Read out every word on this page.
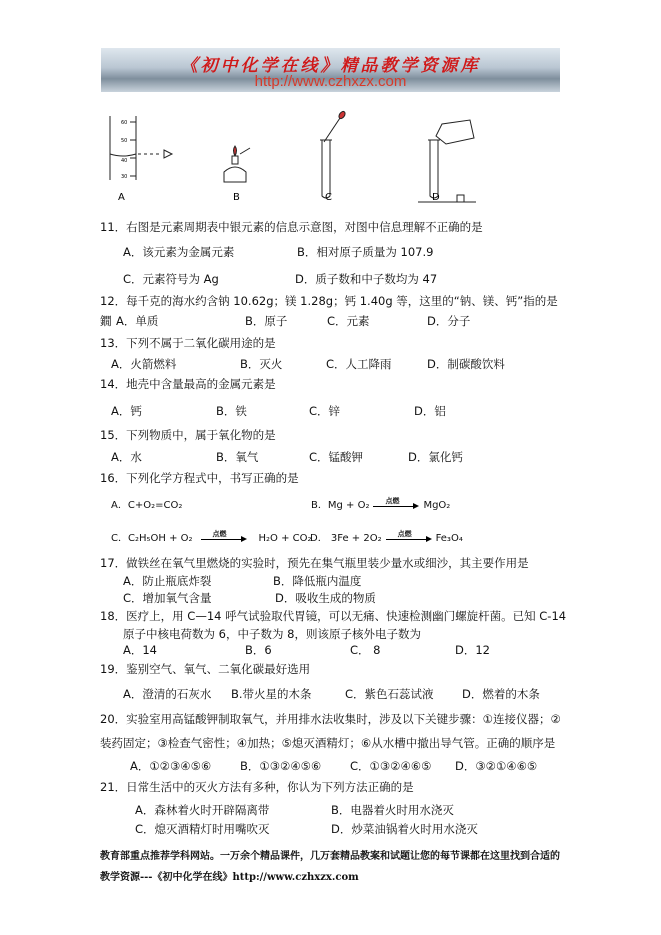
《初中化学在线》精品教学资源库
http://www.czhxzx.com
60
50
40
30
A	B	C	D
11．右图是元素周期表中银元素的信息示意图，对图中信息理解不正确的是
A．该元素为金属元素	B．相对原子质量为 107.9
C．元素符号为 Ag	D．质子数和中子数均为 47
12．每千克的海水约含钠 10.62g；镁 1.28g；钙 1.40g 等，这里的“钠、镁、钙”指的是
鐗 A．单质	B．原子	C．元素	D．分子
13．下列不属于二氧化碳用途的是
A．火箭燃料	B．灭火	C．人工降雨	D．制碳酸饮料
14．地壳中含量最高的金属元素是
A．钙	B．铁	C．锌	D．铝
15．下列物质中，属于氧化物的是
A．水	B．氧气	C．锰酸钾	D．氯化钙
16．下列化学方程式中，书写正确的是
A．C+O₂=CO₂	B．Mg + O₂ 点燃 MgO₂
C．C₂H₅OH + O₂	点燃	H₂O + CO₂
D． 3Fe + 2O₂ 点燃 Fe₃O₄
17．做铁丝在氧气里燃烧的实验时，预先在集气瓶里装少量水或细沙，其主要作用是
A．防止瓶底炸裂	B．降低瓶内温度
C．增加氧气含量	D．吸收生成的物质
18．医疗上，用 C—14 呼气试验取代胃镜，可以无痛、快速检测幽门螺旋杆菌。已知 C-14
原子中核电荷数为 6，中子数为 8，则该原子核外电子数为
A．14	B．6	C． 8	D．12
19．鉴别空气、氧气、二氧化碳最好选用
A．澄清的石灰水 B.带火星的木条	C．紫色石蕊试液 D．燃着的木条
20．实验室用高锰酸钾制取氧气，并用排水法收集时，涉及以下关键步骤：①连接仪器；②
装药固定；③检查气密性；④加热；⑤熄灭酒精灯；⑥从水槽中撤出导气管。正确的顺序是
A．①②③④⑤⑥	B．①③②④⑤⑥	C．①③②④⑥⑤ D．③②①④⑥⑤
21．日常生活中的灭火方法有多种，你认为下列方法正确的是
A．森林着火时开辟隔离带	B．电器着火时用水浇灭
C．熄灭酒精灯时用嘴吹灭	D．炒菜油锅着火时用水浇灭
教育部重点推荐学科网站。一万余个精品课件，几万套精品教案和试题让您的每节课都在这里找到合适的
教学资源---《初中化学在线》http://www.czhxzx.com
